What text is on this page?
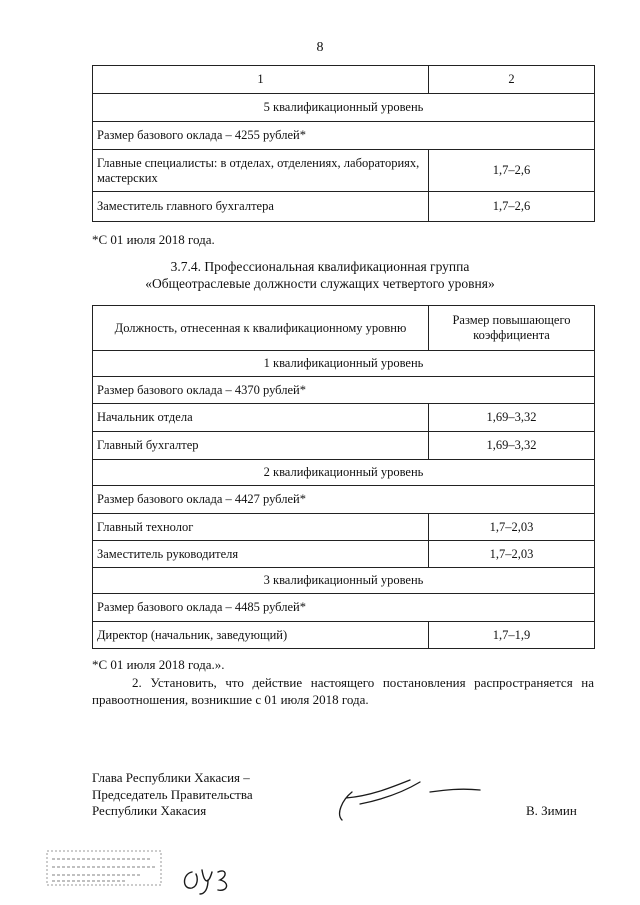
8
1	2
5 квалификационный уровень	
Размер базового оклада – 4255 рублей*	
Главные специалисты: в отделах, отделениях, лабораториях, мастерских	1,7–2,6
Заместитель главного бухгалтера	1,7–2,6
*С 01 июля 2018 года.
3.7.4. Профессиональная квалификационная группа
«Общеотраслевые должности служащих четвертого уровня»
Должность, отнесенная к квалификационному уровню	Размер повышающего коэффициента
1 квалификационный уровень	
Размер базового оклада – 4370 рублей*	
Начальник отдела	1,69–3,32
Главный бухгалтер	1,69–3,32
2 квалификационный уровень	
Размер базового оклада – 4427 рублей*	
Главный технолог	1,7–2,03
Заместитель руководителя	1,7–2,03
3 квалификационный уровень	
Размер базового оклада – 4485 рублей*	
Директор (начальник, заведующий)	1,7–1,9
*С 01 июля 2018 года.».
2. Установить, что действие настоящего постановления распространяется на правоотношения, возникшие с 01 июля 2018 года.
Глава Республики Хакасия –
Председатель Правительства
Республики Хакасия	В. Зимин
